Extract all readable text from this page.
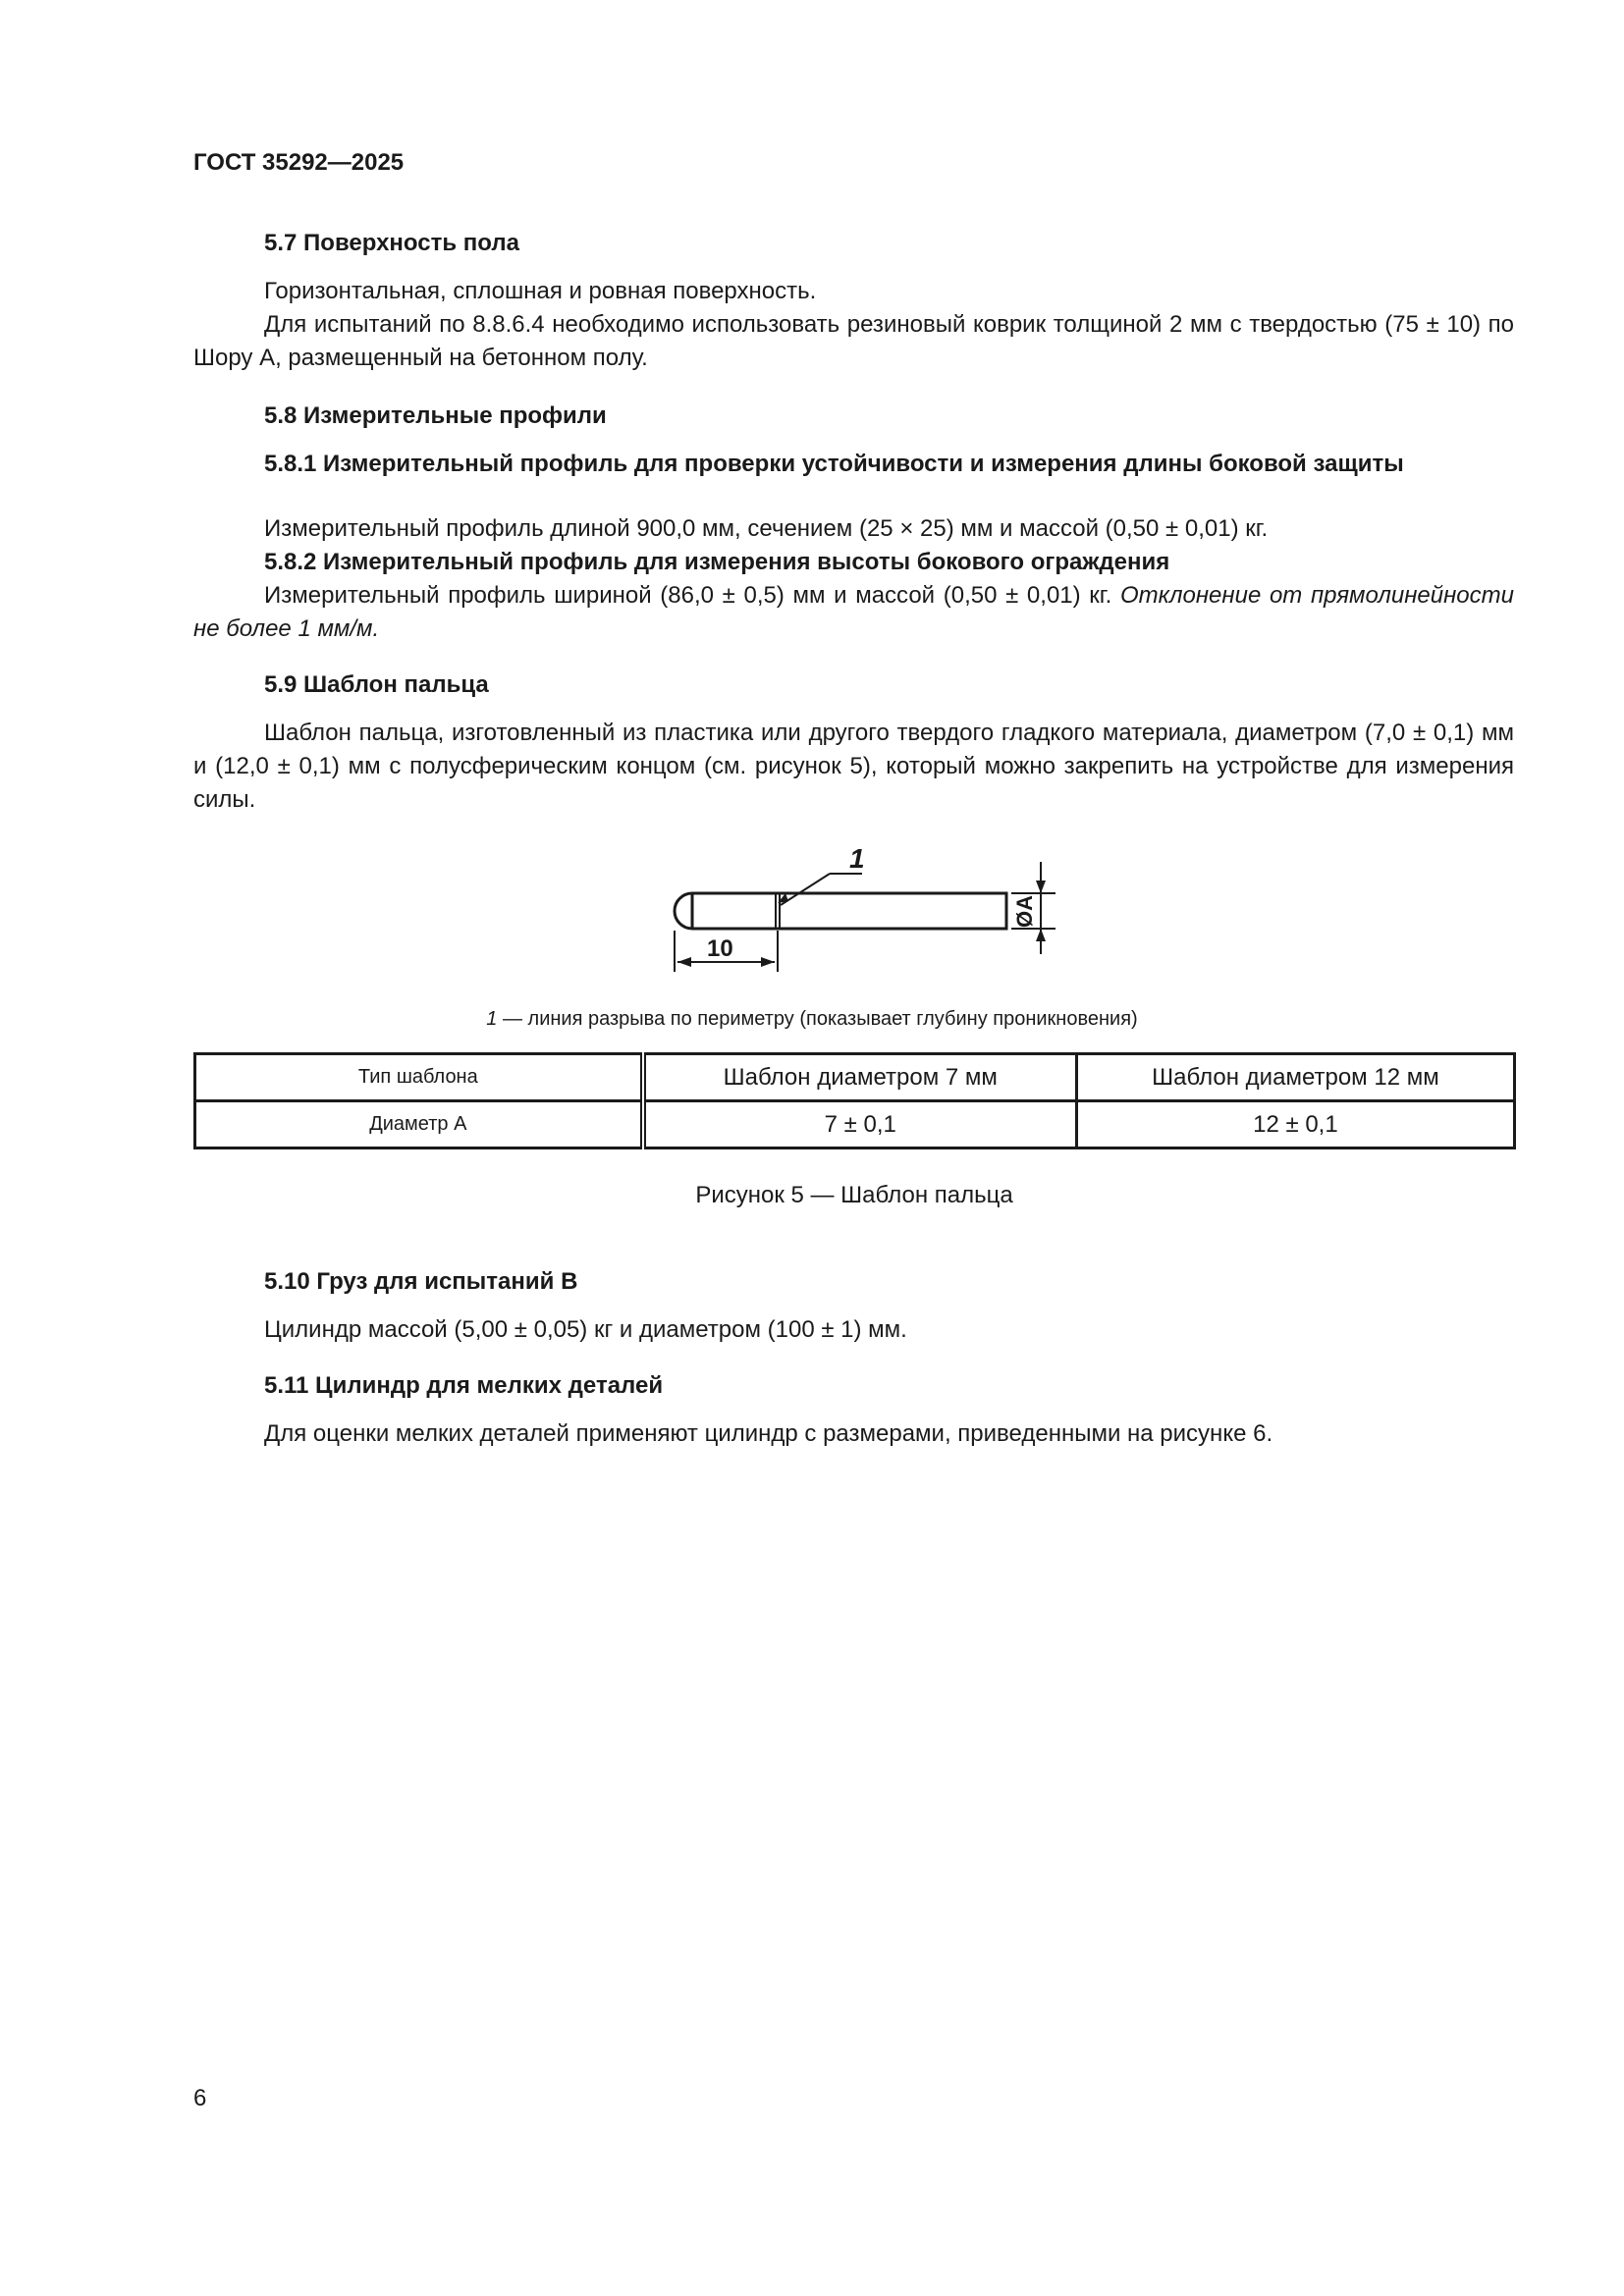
ГОСТ 35292—2025
5.7 Поверхность пола
Горизонтальная, сплошная и ровная поверхность.
Для испытаний по 8.8.6.4 необходимо использовать резиновый коврик толщиной 2 мм с твердостью (75 ± 10) по Шору А, размещенный на бетонном полу.
5.8 Измерительные профили
5.8.1 Измерительный профиль для проверки устойчивости и измерения длины боковой защиты
Измерительный профиль длиной 900,0 мм, сечением (25 × 25) мм и массой (0,50 ± 0,01) кг.
5.8.2 Измерительный профиль для измерения высоты бокового ограждения
Измерительный профиль шириной (86,0 ± 0,5) мм и массой (0,50 ± 0,01) кг. Отклонение от прямолинейности не более 1 мм/м.
5.9 Шаблон пальца
Шаблон пальца, изготовленный из пластика или другого твердого гладкого материала, диаметром (7,0 ± 0,1) мм и (12,0 ± 0,1) мм с полусферическим концом (см. рисунок 5), который можно закрепить на устройстве для измерения силы.
1
10
ØA
1 — линия разрыва по периметру (показывает глубину проникновения)
Тип шаблона	Шаблон диаметром 7 мм	Шаблон диаметром 12 мм
Диаметр А	7 ± 0,1	12 ± 0,1
Рисунок 5 — Шаблон пальца
5.10 Груз для испытаний В
Цилиндр массой (5,00 ± 0,05) кг и диаметром (100 ± 1) мм.
5.11 Цилиндр для мелких деталей
Для оценки мелких деталей применяют цилиндр с размерами, приведенными на рисунке 6.
6
